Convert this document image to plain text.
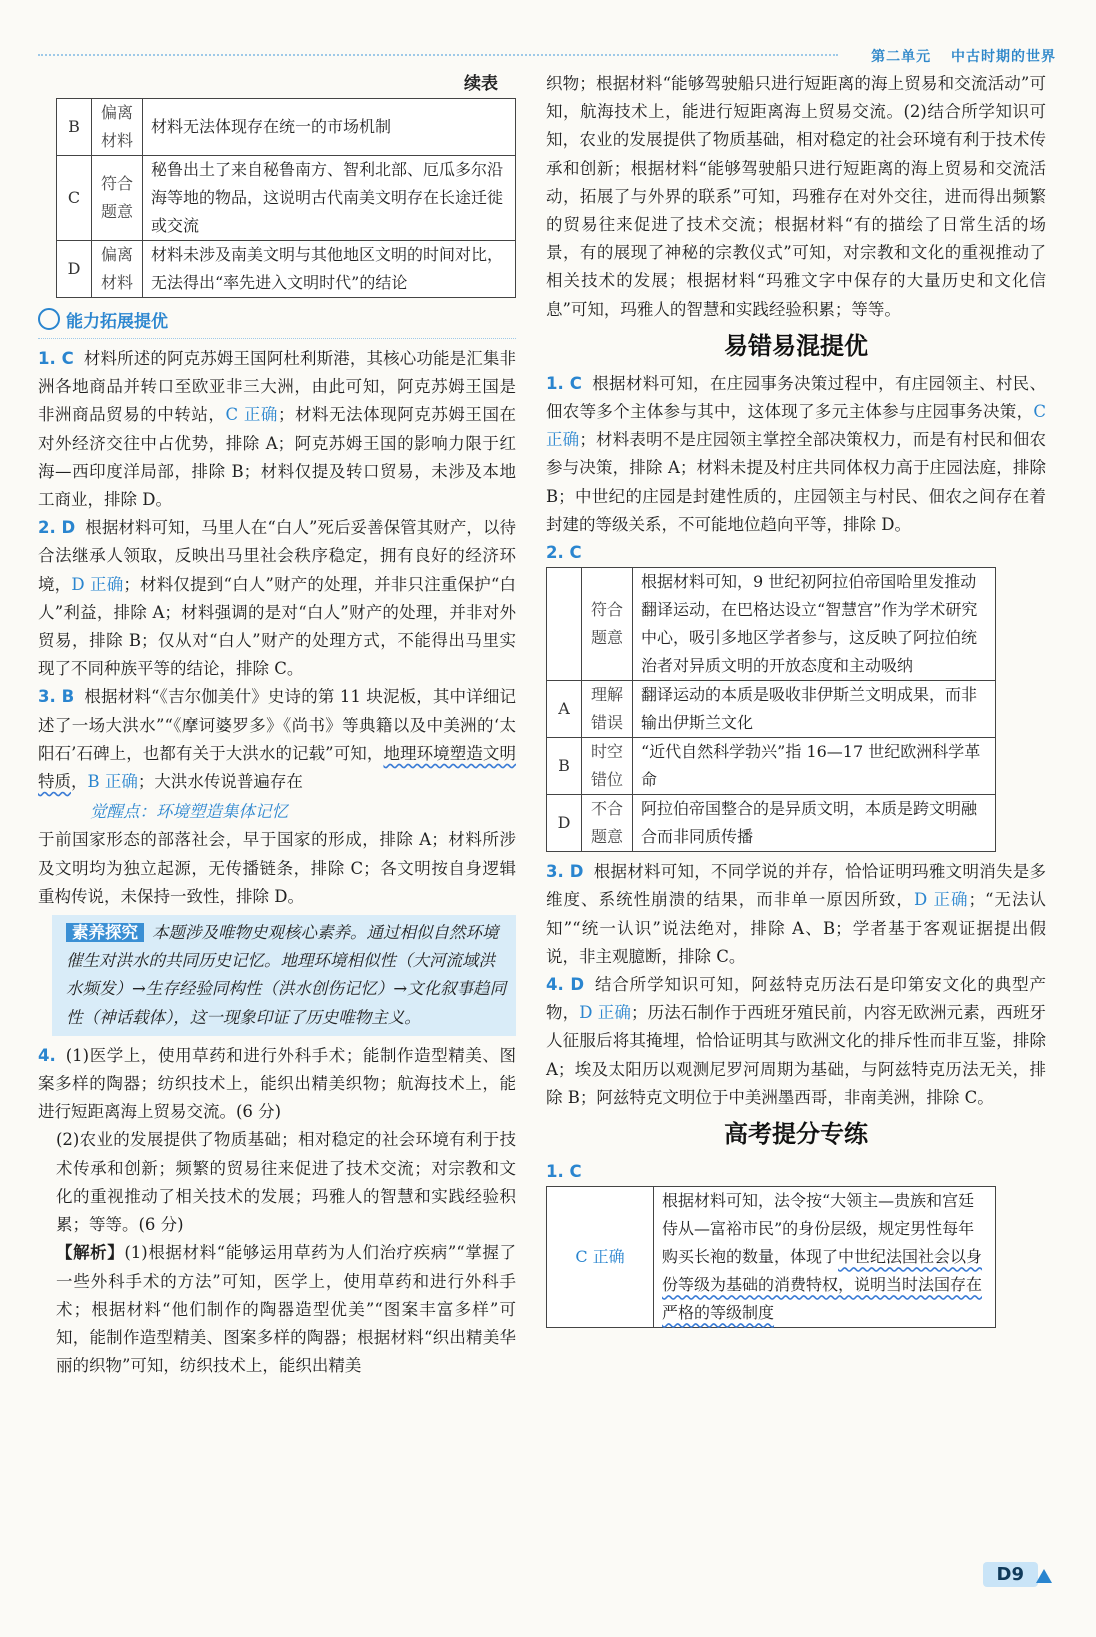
第二单元 中古时期的世界
续表
B	偏离材料	材料无法体现存在统一的市场机制
C	符合题意	秘鲁出土了来自秘鲁南方、智利北部、厄瓜多尔沿海等地的物品，这说明古代南美文明存在长途迁徙或交流
D	偏离材料	材料未涉及南美文明与其他地区文明的时间对比，无法得出“率先进入文明时代”的结论
能力拓展提优

1. C 材料所述的阿克苏姆王国阿杜利斯港，其核心功能是汇集非洲各地商品并转口至欧亚非三大洲，由此可知，阿克苏姆王国是非洲商品贸易的中转站，C 正确；材料无法体现阿克苏姆王国在对外经济交往中占优势，排除 A；阿克苏姆王国的影响力限于红海—西印度洋局部，排除 B；材料仅提及转口贸易，未涉及本地工商业，排除 D。

2. D 根据材料可知，马里人在“白人”死后妥善保管其财产，以待合法继承人领取，反映出马里社会秩序稳定，拥有良好的经济环境，D 正确；材料仅提到“白人”财产的处理，并非只注重保护“白人”利益，排除 A；材料强调的是对“白人”财产的处理，并非对外贸易，排除 B；仅从对“白人”财产的处理方式，不能得出马里实现了不同种族平等的结论，排除 C。

3. B 根据材料“《吉尔伽美什》史诗的第 11 块泥板，其中详细记述了一场大洪水”“《摩诃婆罗多》《尚书》等典籍以及中美洲的‘太阳石’石碑上，也都有关于大洪水的记载”可知，地理环境塑造文明特质，B 正确；大洪水传说普遍存在

觉醒点：环境塑造集体记忆

于前国家形态的部落社会，早于国家的形成，排除 A；材料所涉及文明均为独立起源，无传播链条，排除 C；各文明按自身逻辑重构传说，未保持一致性，排除 D。

素养探究 本题涉及唯物史观核心素养。通过相似自然环境催生对洪水的共同历史记忆。地理环境相似性（大河流域洪水频发）→生存经验同构性（洪水创伤记忆）→文化叙事趋同性（神话载体），这一现象印证了历史唯物主义。

4. (1)医学上，使用草药和进行外科手术；能制作造型精美、图案多样的陶器；纺织技术上，能织出精美织物；航海技术上，能进行短距离海上贸易交流。(6 分)

(2)农业的发展提供了物质基础；相对稳定的社会环境有利于技术传承和创新；频繁的贸易往来促进了技术交流；对宗教和文化的重视推动了相关技术的发展；玛雅人的智慧和实践经验积累；等等。(6 分)

【解析】(1)根据材料“能够运用草药为人们治疗疾病”“掌握了一些外科手术的方法”可知，医学上，使用草药和进行外科手术；根据材料“他们制作的陶器造型优美”“图案丰富多样”可知，能制作造型精美、图案多样的陶器；根据材料“织出精美华丽的织物”可知，纺织技术上，能织出精美

织物；根据材料“能够驾驶船只进行短距离的海上贸易和交流活动”可知，航海技术上，能进行短距离海上贸易交流。(2)结合所学知识可知，农业的发展提供了物质基础，相对稳定的社会环境有利于技术传承和创新；根据材料“能够驾驶船只进行短距离的海上贸易和交流活动，拓展了与外界的联系”可知，玛雅存在对外交往，进而得出频繁的贸易往来促进了技术交流；根据材料“有的描绘了日常生活的场景，有的展现了神秘的宗教仪式”可知，对宗教和文化的重视推动了相关技术的发展；根据材料“玛雅文字中保存的大量历史和文化信息”可知，玛雅人的智慧和实践经验积累；等等。

易错易混提优

1. C 根据材料可知，在庄园事务决策过程中，有庄园领主、村民、佃农等多个主体参与其中，这体现了多元主体参与庄园事务决策，C 正确；材料表明不是庄园领主掌控全部决策权力，而是有村民和佃农参与决策，排除 A；材料未提及村庄共同体权力高于庄园法庭，排除 B；中世纪的庄园是封建性质的，庄园领主与村民、佃农之间存在着封建的等级关系，不可能地位趋向平等，排除 D。

2. C

	符合题意	根据材料可知，9 世纪初阿拉伯帝国哈里发推动翻译运动，在巴格达设立“智慧宫”作为学术研究中心，吸引多地区学者参与，这反映了阿拉伯统治者对异质文明的开放态度和主动吸纳
A	理解错误	翻译运动的本质是吸收非伊斯兰文明成果，而非输出伊斯兰文化
B	时空错位	“近代自然科学勃兴”指 16—17 世纪欧洲科学革命
D	不合题意	阿拉伯帝国整合的是异质文明，本质是跨文明融合而非同质传播

3. D 根据材料可知，不同学说的并存，恰恰证明玛雅文明消失是多维度、系统性崩溃的结果，而非单一原因所致，D 正确；“无法认知”“统一认识”说法绝对，排除 A、B；学者基于客观证据提出假说，非主观臆断，排除 C。

4. D 结合所学知识可知，阿兹特克历法石是印第安文化的典型产物，D 正确；历法石制作于西班牙殖民前，内容无欧洲元素，西班牙人征服后将其掩埋，恰恰证明其与欧洲文化的排斥性而非互鉴，排除 A；埃及太阳历以观测尼罗河周期为基础，与阿兹特克历法无关，排除 B；阿兹特克文明位于中美洲墨西哥，非南美洲，排除 C。

高考提分专练

1. C

C 正确	根据材料可知，法令按“大领主—贵族和宫廷侍从—富裕市民”的身份层级，规定男性每年购买长袍的数量，体现了中世纪法国社会以身份等级为基础的消费特权，说明当时法国存在严格的等级制度
D9
